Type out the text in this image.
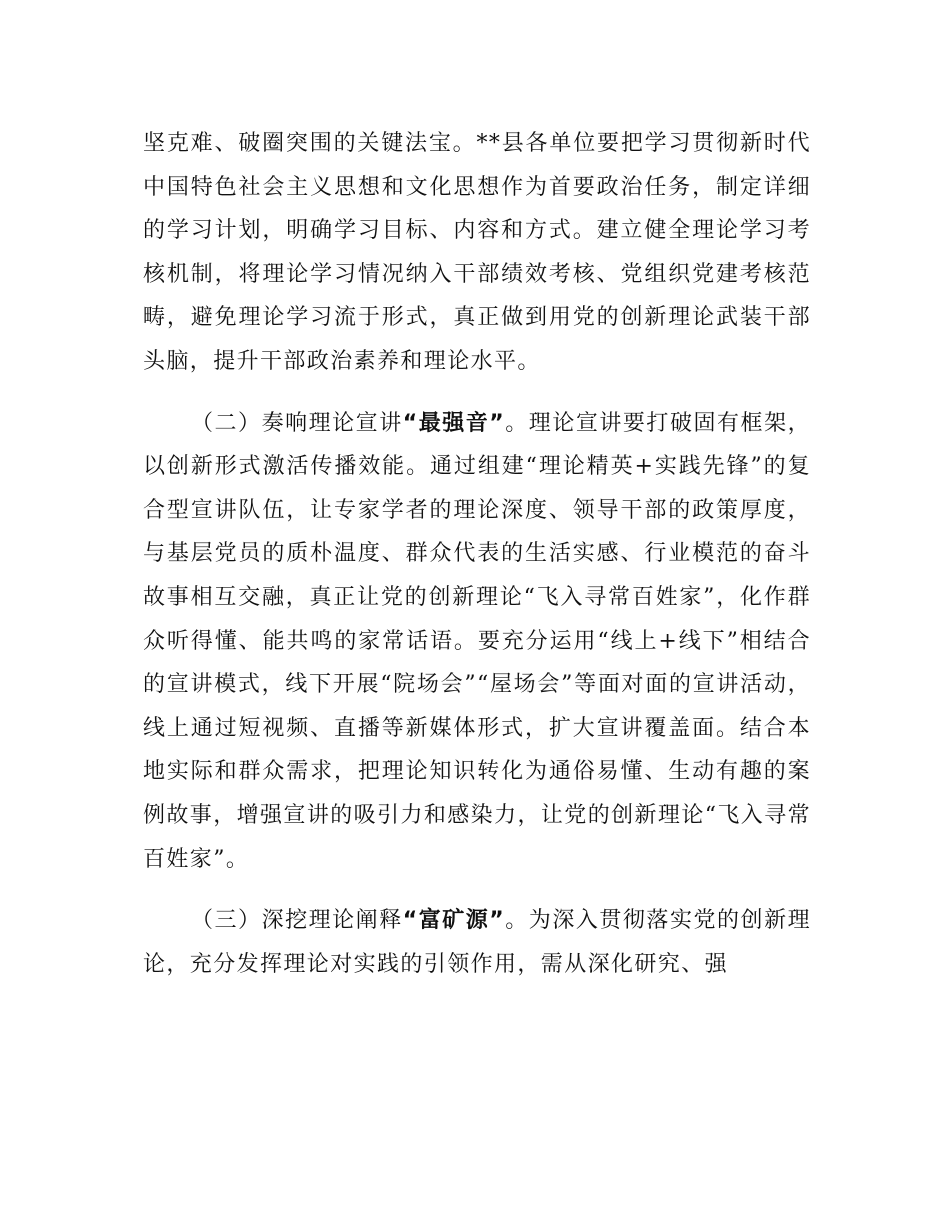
坚克难、破圈突围的关键法宝。**县各单位要把学习贯彻新时代中国特色社会主义思想和文化思想作为首要政治任务，制定详细的学习计划，明确学习目标、内容和方式。建立健全理论学习考核机制，将理论学习情况纳入干部绩效考核、党组织党建考核范畴，避免理论学习流于形式，真正做到用党的创新理论武装干部头脑，提升干部政治素养和理论水平。

（二）奏响理论宣讲“最强音”。理论宣讲要打破固有框架，以创新形式激活传播效能。通过组建“理论精英+实践先锋”的复合型宣讲队伍，让专家学者的理论深度、领导干部的政策厚度，与基层党员的质朴温度、群众代表的生活实感、行业模范的奋斗故事相互交融，真正让党的创新理论“飞入寻常百姓家”，化作群众听得懂、能共鸣的家常话语。要充分运用“线上+线下”相结合的宣讲模式，线下开展“院场会”“屋场会”等面对面的宣讲活动，线上通过短视频、直播等新媒体形式，扩大宣讲覆盖面。结合本地实际和群众需求，把理论知识转化为通俗易懂、生动有趣的案例故事，增强宣讲的吸引力和感染力，让党的创新理论“飞入寻常百姓家”。

（三）深挖理论阐释“富矿源”。为深入贯彻落实党的创新理论，充分发挥理论对实践的引领作用，需从深化研究、强
